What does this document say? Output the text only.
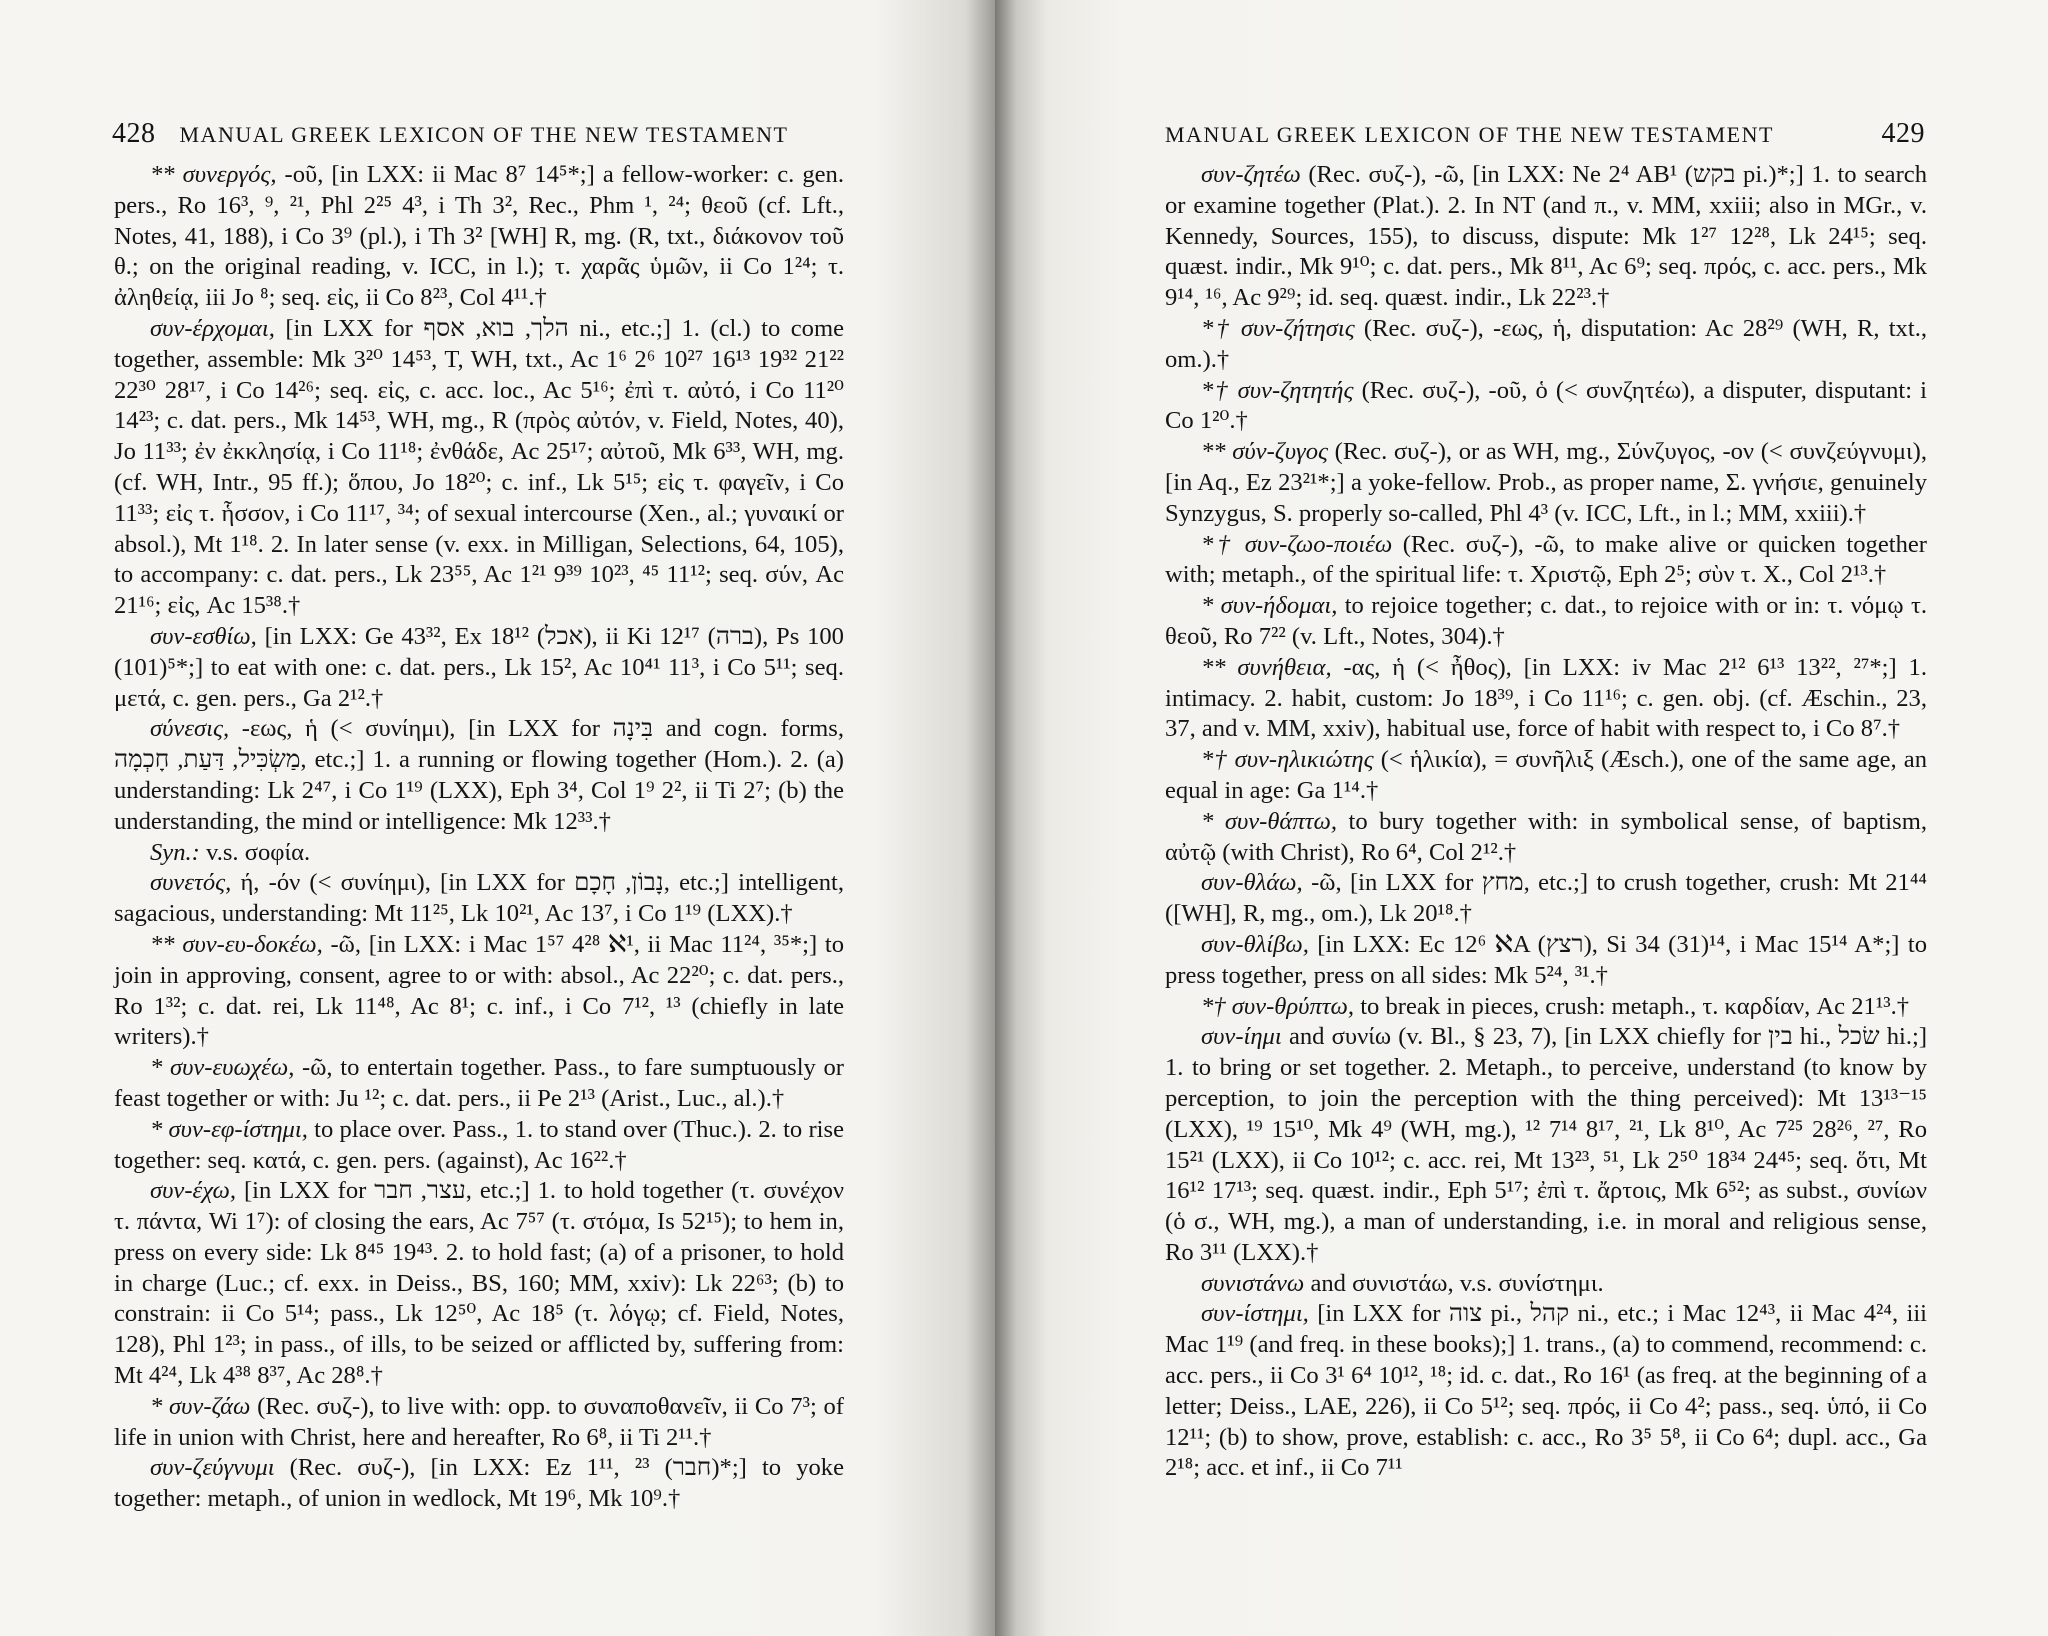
428 MANUAL GREEK LEXICON OF THE NEW TESTAMENT

** συνεργός, -οῦ, [in LXX: ii Mac 8⁷ 14⁵*;] a fellow-worker: c. gen. pers., Ro 16³, ⁹, ²¹, Phl 2²⁵ 4³, i Th 3², Rec., Phm ¹, ²⁴; θεοῦ (cf. Lft., Notes, 41, 188), i Co 3⁹ (pl.), i Th 3² [WH] R, mg. (R, txt., διάκονον τοῦ θ.; on the original reading, v. ICC, in l.); τ. χαρᾶς ὑμῶν, ii Co 1²⁴; τ. ἀληθείᾳ, iii Jo ⁸; seq. εἰς, ii Co 8²³, Col 4¹¹.†

συν-έρχομαι, [in LXX for הלך, בוא, אסף ni., etc.;] 1. (cl.) to come together, assemble: Mk 3²⁰ 14⁵³, T, WH, txt., Ac 1⁶ 2⁶ 10²⁷ 16¹³ 19³² 21²² 22³⁰ 28¹⁷, i Co 14²⁶; seq. εἰς, c. acc. loc., Ac 5¹⁶; ἐπὶ τ. αὐτό, i Co 11²⁰ 14²³; c. dat. pers., Mk 14⁵³, WH, mg., R (πρὸς αὐτόν, v. Field, Notes, 40), Jo 11³³; ἐν ἐκκλησίᾳ, i Co 11¹⁸; ἐνθάδε, Ac 25¹⁷; αὐτοῦ, Mk 6³³, WH, mg. (cf. WH, Intr., 95 ff.); ὅπου, Jo 18²⁰; c. inf., Lk 5¹⁵; εἰς τ. φαγεῖν, i Co 11³³; εἰς τ. ἧσσον, i Co 11¹⁷, ³⁴; of sexual intercourse (Xen., al.; γυναικί or absol.), Mt 1¹⁸. 2. In later sense (v. exx. in Milligan, Selections, 64, 105), to accompany: c. dat. pers., Lk 23⁵⁵, Ac 1²¹ 9³⁹ 10²³, ⁴⁵ 11¹²; seq. σύν, Ac 21¹⁶; εἰς, Ac 15³⁸.†

συν-εσθίω, [in LXX: Ge 43³², Ex 18¹² (אכל), ii Ki 12¹⁷ (ברה), Ps 100 (101)⁵*;] to eat with one: c. dat. pers., Lk 15², Ac 10⁴¹ 11³, i Co 5¹¹; seq. μετά, c. gen. pers., Ga 2¹².†

σύνεσις, -εως, ἡ (< συνίημι), [in LXX for בִּינָה and cogn. forms, מַשְׂכִּיל, דַּעַת, חָכְמָה, etc.;] 1. a running or flowing together (Hom.). 2. (a) understanding: Lk 2⁴⁷, i Co 1¹⁹ (LXX), Eph 3⁴, Col 1⁹ 2², ii Ti 2⁷; (b) the understanding, the mind or intelligence: Mk 12³³.†

Syn.: v.s. σοφία.

συνετός, ή, -όν (< συνίημι), [in LXX for נָבוֹן, חָכָם, etc.;] intelligent, sagacious, understanding: Mt 11²⁵, Lk 10²¹, Ac 13⁷, i Co 1¹⁹ (LXX).†

** συν-ευ-δοκέω, -ῶ, [in LXX: i Mac 1⁵⁷ 4²⁸ ℵ¹, ii Mac 11²⁴, ³⁵*;] to join in approving, consent, agree to or with: absol., Ac 22²⁰; c. dat. pers., Ro 1³²; c. dat. rei, Lk 11⁴⁸, Ac 8¹; c. inf., i Co 7¹², ¹³ (chiefly in late writers).†

* συν-ευωχέω, -ῶ, to entertain together. Pass., to fare sumptuously or feast together or with: Ju ¹²; c. dat. pers., ii Pe 2¹³ (Arist., Luc., al.).†

* συν-εφ-ίστημι, to place over. Pass., 1. to stand over (Thuc.). 2. to rise together: seq. κατά, c. gen. pers. (against), Ac 16²².†

συν-έχω, [in LXX for עצר, חבר, etc.;] 1. to hold together (τ. συνέχον τ. πάντα, Wi 1⁷): of closing the ears, Ac 7⁵⁷ (τ. στόμα, Is 52¹⁵); to hem in, press on every side: Lk 8⁴⁵ 19⁴³. 2. to hold fast; (a) of a prisoner, to hold in charge (Luc.; cf. exx. in Deiss., BS, 160; MM, xxiv): Lk 22⁶³; (b) to constrain: ii Co 5¹⁴; pass., Lk 12⁵⁰, Ac 18⁵ (τ. λόγῳ; cf. Field, Notes, 128), Phl 1²³; in pass., of ills, to be seized or afflicted by, suffering from: Mt 4²⁴, Lk 4³⁸ 8³⁷, Ac 28⁸.†

* συν-ζάω (Rec. συζ-), to live with: opp. to συναποθανεῖν, ii Co 7³; of life in union with Christ, here and hereafter, Ro 6⁸, ii Ti 2¹¹.†

συν-ζεύγνυμι (Rec. συζ-), [in LXX: Ez 1¹¹, ²³ (חבר)*;] to yoke together: metaph., of union in wedlock, Mt 19⁶, Mk 10⁹.†

MANUAL GREEK LEXICON OF THE NEW TESTAMENT	429

συν-ζητέω (Rec. συζ-), -ῶ, [in LXX: Ne 2⁴ AB¹ (בקש pi.)*;] 1. to search or examine together (Plat.). 2. In NT (and π., v. MM, xxiii; also in MGr., v. Kennedy, Sources, 155), to discuss, dispute: Mk 1²⁷ 12²⁸, Lk 24¹⁵; seq. quæst. indir., Mk 9¹⁰; c. dat. pers., Mk 8¹¹, Ac 6⁹; seq. πρός, c. acc. pers., Mk 9¹⁴, ¹⁶, Ac 9²⁹; id. seq. quæst. indir., Lk 22²³.†

*† συν-ζήτησις (Rec. συζ-), -εως, ἡ, disputation: Ac 28²⁹ (WH, R, txt., om.).†

*† συν-ζητητής (Rec. συζ-), -οῦ, ὁ (< συνζητέω), a disputer, disputant: i Co 1²⁰.†

** σύν-ζυγος (Rec. συζ-), or as WH, mg., Σύνζυγος, -ον (< συνζεύγνυμι), [in Aq., Ez 23²¹*;] a yoke-fellow. Prob., as proper name, Σ. γνήσιε, genuinely Synzygus, S. properly so-called, Phl 4³ (v. ICC, Lft., in l.; MM, xxiii).†

*† συν-ζωο-ποιέω (Rec. συζ-), -ῶ, to make alive or quicken together with; metaph., of the spiritual life: τ. Χριστῷ, Eph 2⁵; σὺν τ. Χ., Col 2¹³.†

* συν-ήδομαι, to rejoice together; c. dat., to rejoice with or in: τ. νόμῳ τ. θεοῦ, Ro 7²² (v. Lft., Notes, 304).†

** συνήθεια, -ας, ἡ (< ἦθος), [in LXX: iv Mac 2¹² 6¹³ 13²², ²⁷*;] 1. intimacy. 2. habit, custom: Jo 18³⁹, i Co 11¹⁶; c. gen. obj. (cf. Æschin., 23, 37, and v. MM, xxiv), habitual use, force of habit with respect to, i Co 8⁷.†

*† συν-ηλικιώτης (< ἡλικία), = συνῆλιξ (Æsch.), one of the same age, an equal in age: Ga 1¹⁴.†

* συν-θάπτω, to bury together with: in symbolical sense, of baptism, αὐτῷ (with Christ), Ro 6⁴, Col 2¹².†

συν-θλάω, -ῶ, [in LXX for מחץ, etc.;] to crush together, crush: Mt 21⁴⁴ ([WH], R, mg., om.), Lk 20¹⁸.†

συν-θλίβω, [in LXX: Ec 12⁶ ℵA (רצץ), Si 34 (31)¹⁴, i Mac 15¹⁴ A*;] to press together, press on all sides: Mk 5²⁴, ³¹.†

*† συν-θρύπτω, to break in pieces, crush: metaph., τ. καρδίαν, Ac 21¹³.†

συν-ίημι and συνίω (v. Bl., § 23, 7), [in LXX chiefly for בין hi., שׂכל hi.;] 1. to bring or set together. 2. Metaph., to perceive, understand (to know by perception, to join the perception with the thing perceived): Mt 13¹³⁻¹⁵ (LXX), ¹⁹ 15¹⁰, Mk 4⁹ (WH, mg.), ¹² 7¹⁴ 8¹⁷, ²¹, Lk 8¹⁰, Ac 7²⁵ 28²⁶, ²⁷, Ro 15²¹ (LXX), ii Co 10¹²; c. acc. rei, Mt 13²³, ⁵¹, Lk 2⁵⁰ 18³⁴ 24⁴⁵; seq. ὅτι, Mt 16¹² 17¹³; seq. quæst. indir., Eph 5¹⁷; ἐπὶ τ. ἄρτοις, Mk 6⁵²; as subst., συνίων (ὁ σ., WH, mg.), a man of understanding, i.e. in moral and religious sense, Ro 3¹¹ (LXX).†

συνιστάνω and συνιστάω, v.s. συνίστημι.

συν-ίστημι, [in LXX for צוה pi., קהל ni., etc.; i Mac 12⁴³, ii Mac 4²⁴, iii Mac 1¹⁹ (and freq. in these books);] 1. trans., (a) to commend, recommend: c. acc. pers., ii Co 3¹ 6⁴ 10¹², ¹⁸; id. c. dat., Ro 16¹ (as freq. at the beginning of a letter; Deiss., LAE, 226), ii Co 5¹²; seq. πρός, ii Co 4²; pass., seq. ὑπό, ii Co 12¹¹; (b) to show, prove, establish: c. acc., Ro 3⁵ 5⁸, ii Co 6⁴; dupl. acc., Ga 2¹⁸; acc. et inf., ii Co 7¹¹
